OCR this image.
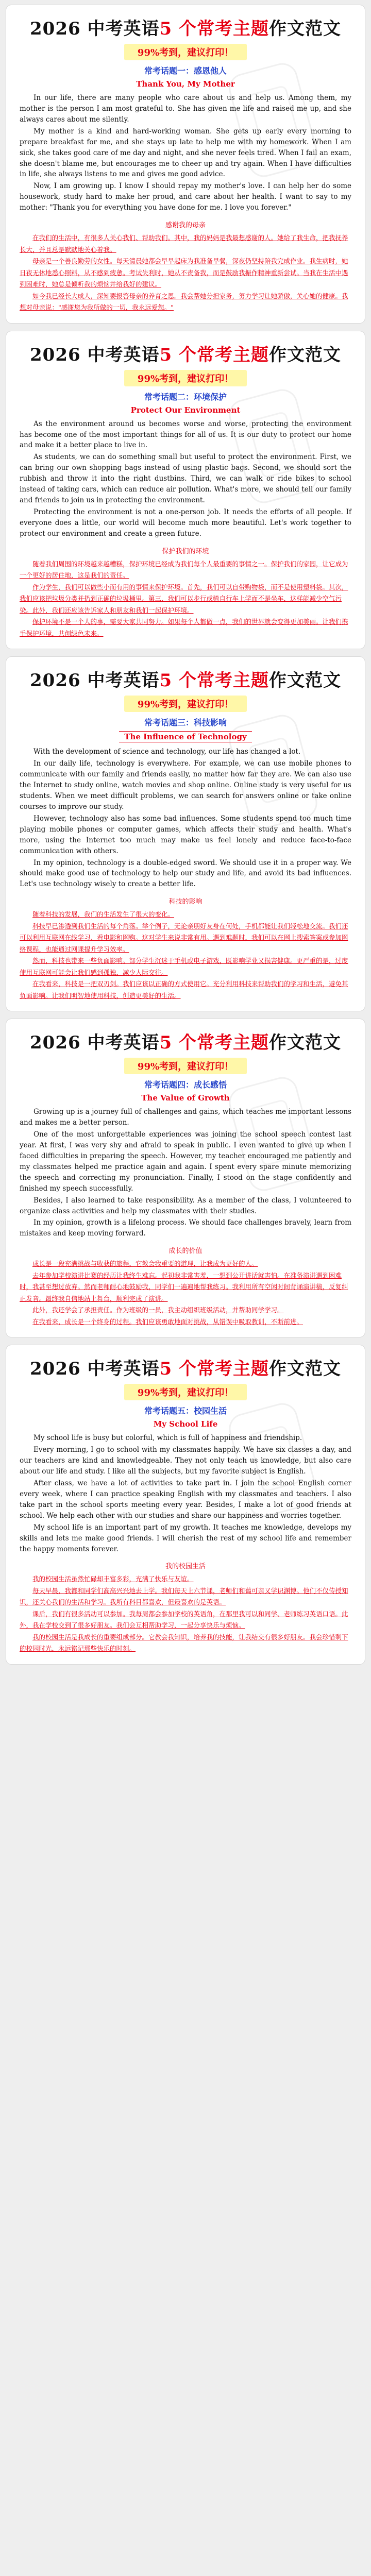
2026 中考英语5 个常考主题作文范文
99%考到，建议打印！
常考话题一：感恩他人
Thank You, My Mother

In our life, there are many people who care about us and help us. Among them, my mother is the person I am most grateful to. She has given me life and raised me up, and she always cares about me silently.

My mother is a kind and hard-working woman. She gets up early every morning to prepare breakfast for me, and she stays up late to help me with my homework. When I am sick, she takes good care of me day and night, and she never feels tired. When I fail an exam, she doesn't blame me, but encourages me to cheer up and try again. When I have difficulties in life, she always listens to me and gives me good advice.

Now, I am growing up. I know I should repay my mother's love. I can help her do some housework, study hard to make her proud, and care about her health. I want to say to my mother: "Thank you for everything you have done for me. I love you forever."

感谢我的母亲

在我们的生活中，有很多人关心我们、帮助我们。其中，我的妈妈是我最想感谢的人。她给了我生命，把我抚养长大，并且总是默默地关心着我。

母亲是一个善良勤劳的女性。每天清晨她都会早早起床为我准备早餐，深夜仍坚持陪我完成作业。我生病时，她日夜无休地悉心照料，从不感到疲惫。考试失利时，她从不责备我，而是鼓励我振作精神重新尝试。当我在生活中遇到困难时，她总是倾听我的烦恼并给我好的建议。

如今我已经长大成人，深知要报答母亲的养育之恩。我会帮她分担家务，努力学习让她骄傲，关心她的健康。我想对母亲说："感谢您为我所做的一切，我永远爱您。"

2026 中考英语5 个常考主题作文范文
99%考到，建议打印！
常考话题二：环境保护
Protect Our Environment

As the environment around us becomes worse and worse, protecting the environment has become one of the most important things for all of us. It is our duty to protect our home and make it a better place to live in.

As students, we can do something small but useful to protect the environment. First, we can bring our own shopping bags instead of using plastic bags. Second, we should sort the rubbish and throw it into the right dustbins. Third, we can walk or ride bikes to school instead of taking cars, which can reduce air pollution. What's more, we should tell our family and friends to join us in protecting the environment.

Protecting the environment is not a one-person job. It needs the efforts of all people. If everyone does a little, our world will become much more beautiful. Let's work together to protect our environment and create a green future.

保护我们的环境

随着我们周围的环境越来越糟糕，保护环境已经成为我们每个人最重要的事情之一。保护我们的家园，让它成为一个更好的居住地，这是我们的责任。

作为学生，我们可以做些小而有用的事情来保护环境。首先，我们可以自带购物袋，而不是使用塑料袋。其次，我们应该把垃圾分类并扔到正确的垃圾桶里。第三，我们可以步行或骑自行车上学而不是坐车，这样能减少空气污染。此外，我们还应该告诉家人和朋友和我们一起保护环境。

保护环境不是一个人的事，需要大家共同努力。如果每个人都做一点，我们的世界就会变得更加美丽。让我们携手保护环境，共创绿色未来。

2026 中考英语5 个常考主题作文范文
99%考到，建议打印！
常考话题三：科技影响
The Influence of Technology

With the development of science and technology, our life has changed a lot.

In our daily life, technology is everywhere. For example, we can use mobile phones to communicate with our family and friends easily, no matter how far they are. We can also use the Internet to study online, watch movies and shop online. Online study is very useful for us students. When we meet difficult problems, we can search for answers online or take online courses to improve our study.

However, technology also has some bad influences. Some students spend too much time playing mobile phones or computer games, which affects their study and health. What's more, using the Internet too much may make us feel lonely and reduce face-to-face communication with others.

In my opinion, technology is a double-edged sword. We should use it in a proper way. We should make good use of technology to help our study and life, and avoid its bad influences. Let's use technology wisely to create a better life.

科技的影响

随着科技的发展，我们的生活发生了很大的变化。

科技早已渗透到我们生活的每个角落。举个例子，无论亲朋好友身在何处，手机都能让我们轻松地交流。我们还可以利用互联网在线学习、看电影和网购。这对学生来说非常有用。遇到难题时，我们可以在网上搜索答案或参加网络课程，也能通过网课提升学习效率。

然而，科技也带来一些负面影响。部分学生沉迷于手机或电子游戏，既影响学业又损害健康。更严重的是，过度使用互联网可能会让我们感到孤独，减少人际交往。

在我看来，科技是一把双刃剑。我们应该以正确的方式使用它。充分利用科技来帮助我们的学习和生活，避免其负面影响。让我们明智地使用科技，创造更美好的生活。

2026 中考英语5 个常考主题作文范文
99%考到，建议打印！
常考话题四：成长感悟
The Value of Growth

Growing up is a journey full of challenges and gains, which teaches me important lessons and makes me a better person.

One of the most unforgettable experiences was joining the school speech contest last year. At first, I was very shy and afraid to speak in public. I even wanted to give up when I faced difficulties in preparing the speech. However, my teacher encouraged me patiently and my classmates helped me practice again and again. I spent every spare minute memorizing the speech and correcting my pronunciation. Finally, I stood on the stage confidently and finished my speech successfully.

Besides, I also learned to take responsibility. As a member of the class, I volunteered to organize class activities and help my classmates with their studies.

In my opinion, growth is a lifelong process. We should face challenges bravely, learn from mistakes and keep moving forward.

成长的价值

成长是一段充满挑战与收获的旅程，它教会我重要的道理，让我成为更好的人。

去年参加学校演讲比赛的经历让我终生难忘。起初我非常害羞，一想到公开讲话就害怕。在准备演讲遇到困难时，我甚至想过放弃。然而老师耐心地鼓励我，同学们一遍遍地帮我练习。我利用所有空闲时间背诵演讲稿，反复纠正发音。最终我自信地站上舞台，顺利完成了演讲。

此外，我还学会了承担责任。作为班级的一员，我主动组织班级活动，并帮助同学学习。

在我看来，成长是一个终身的过程。我们应该勇敢地面对挑战，从错误中吸取教训，不断前进。

2026 中考英语5 个常考主题作文范文
99%考到，建议打印！
常考话题五：校园生活
My School Life

My school life is busy but colorful, which is full of happiness and friendship.

Every morning, I go to school with my classmates happily. We have six classes a day, and our teachers are kind and knowledgeable. They not only teach us knowledge, but also care about our life and study. I like all the subjects, but my favorite subject is English.

After class, we have a lot of activities to take part in. I join the school English corner every week, where I can practice speaking English with my classmates and teachers. I also take part in the school sports meeting every year. Besides, I make a lot of good friends at school. We help each other with our studies and share our happiness and worries together.

My school life is an important part of my growth. It teaches me knowledge, develops my skills and lets me make good friends. I will cherish the rest of my school life and remember the happy moments forever.

我的校园生活

我的校园生活虽然忙碌却丰富多彩，充满了快乐与友谊。

每天早晨，我都和同学们高高兴兴地去上学。我们每天上六节课，老师们和蔼可亲又学识渊博。他们不仅传授知识，还关心我们的生活和学习。我所有科目都喜欢，但最喜欢的是英语。

课后，我们有很多活动可以参加。我每周都会参加学校的英语角，在那里我可以和同学、老师练习英语口语。此外，我在学校交到了很多好朋友。我们会互相帮助学习，一起分享快乐与烦恼。

我的校园生活是我成长的重要组成部分。它教会我知识，培养我的技能，让我结交有很多好朋友。我会珍惜剩下的校园时光，永远铭记那些快乐的时刻。
